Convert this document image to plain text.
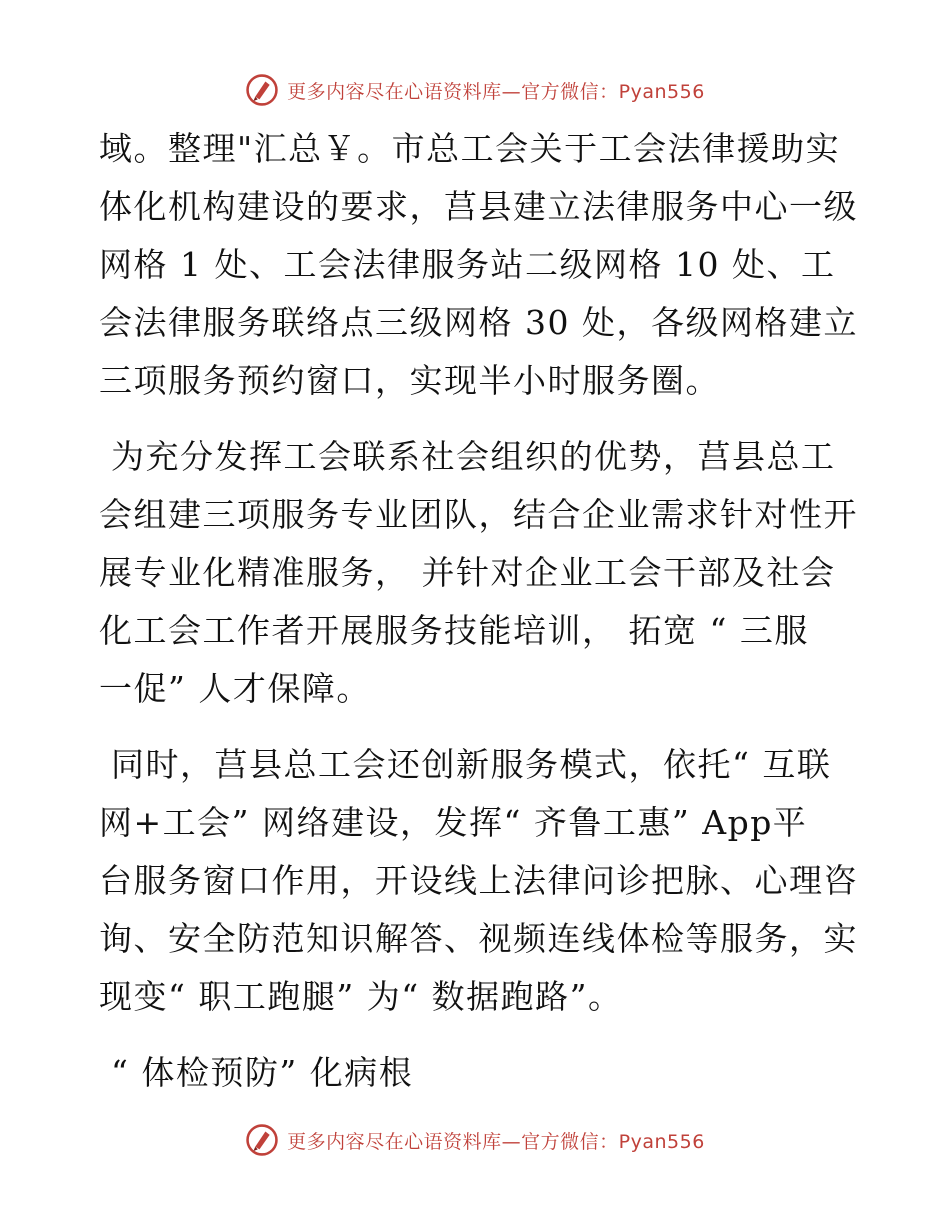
更多内容尽在心语资料库—官方微信：Pyan556

域。整理"汇总￥。市总工会关于工会法律援助实

体化机构建设的要求，莒县建立法律服务中心一级

网格 1 处、工会法律服务站二级网格 10 处、工

会法律服务联络点三级网格 30 处，各级网格建立

三项服务预约窗口，实现半小时服务圈。

为充分发挥工会联系社会组织的优势，莒县总工

会组建三项服务专业团队，结合企业需求针对性开

展专业化精准服务， 并针对企业工会干部及社会

化工会工作者开展服务技能培训， 拓宽 “ 三服

一促” 人才保障。

同时，莒县总工会还创新服务模式，依托“ 互联

网+工会” 网络建设，发挥“ 齐鲁工惠” App平

台服务窗口作用，开设线上法律问诊把脉、心理咨

询、安全防范知识解答、视频连线体检等服务，实

现变“ 职工跑腿” 为“ 数据跑路”。

“ 体检预防” 化病根

更多内容尽在心语资料库—官方微信：Pyan556
